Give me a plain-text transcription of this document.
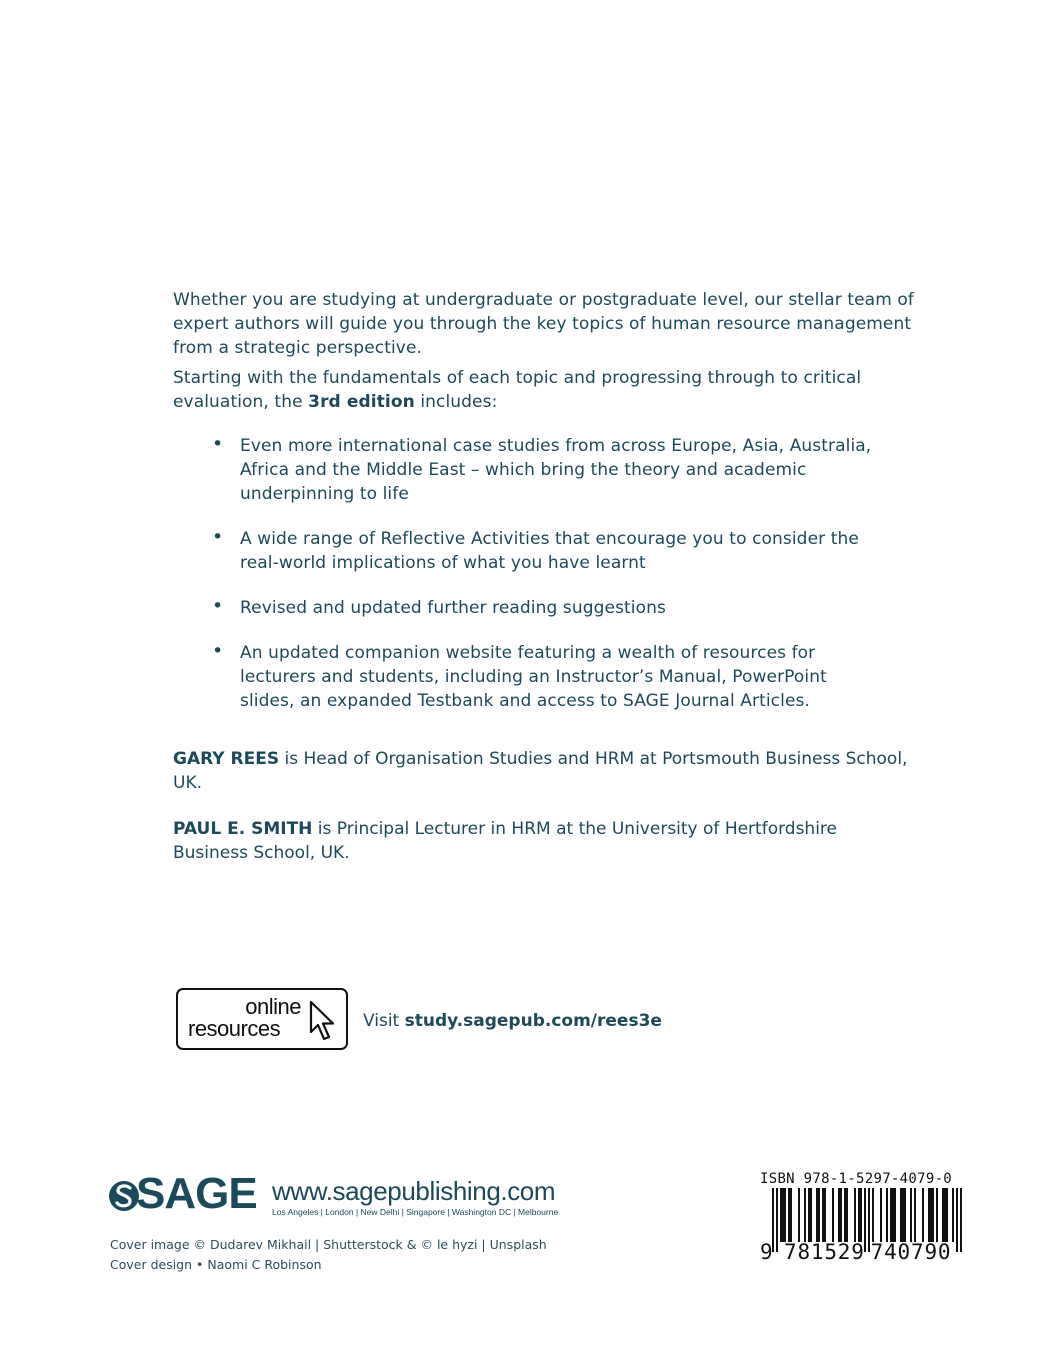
Whether you are studying at undergraduate or postgraduate level, our stellar team of expert authors will guide you through the key topics of human resource management from a strategic perspective.

Starting with the fundamentals of each topic and progressing through to critical evaluation, the 3rd edition includes:

• Even more international case studies from across Europe, Asia, Australia, Africa and the Middle East – which bring the theory and academic underpinning to life
• A wide range of Reflective Activities that encourage you to consider the real-world implications of what you have learnt
• Revised and updated further reading suggestions
• An updated companion website featuring a wealth of resources for lecturers and students, including an Instructor’s Manual, PowerPoint slides, an expanded Testbank and access to SAGE Journal Articles.
GARY REES is Head of Organisation Studies and HRM at Portsmouth Business School, UK.
PAUL E. SMITH is Principal Lecturer in HRM at the University of Hertfordshire Business School, UK.
online
resources	Visit study.sagepub.com/rees3e
SAGE www.sagepublishing.com
Los Angeles | London | New Delhi | Singapore | Washington DC | Melbourne
Cover image © Dudarev Mikhail | Shutterstock & © le hyzi | Unsplash
Cover design • Naomi C Robinson
ISBN 978-1-5297-4079-0
9 781529 740790
